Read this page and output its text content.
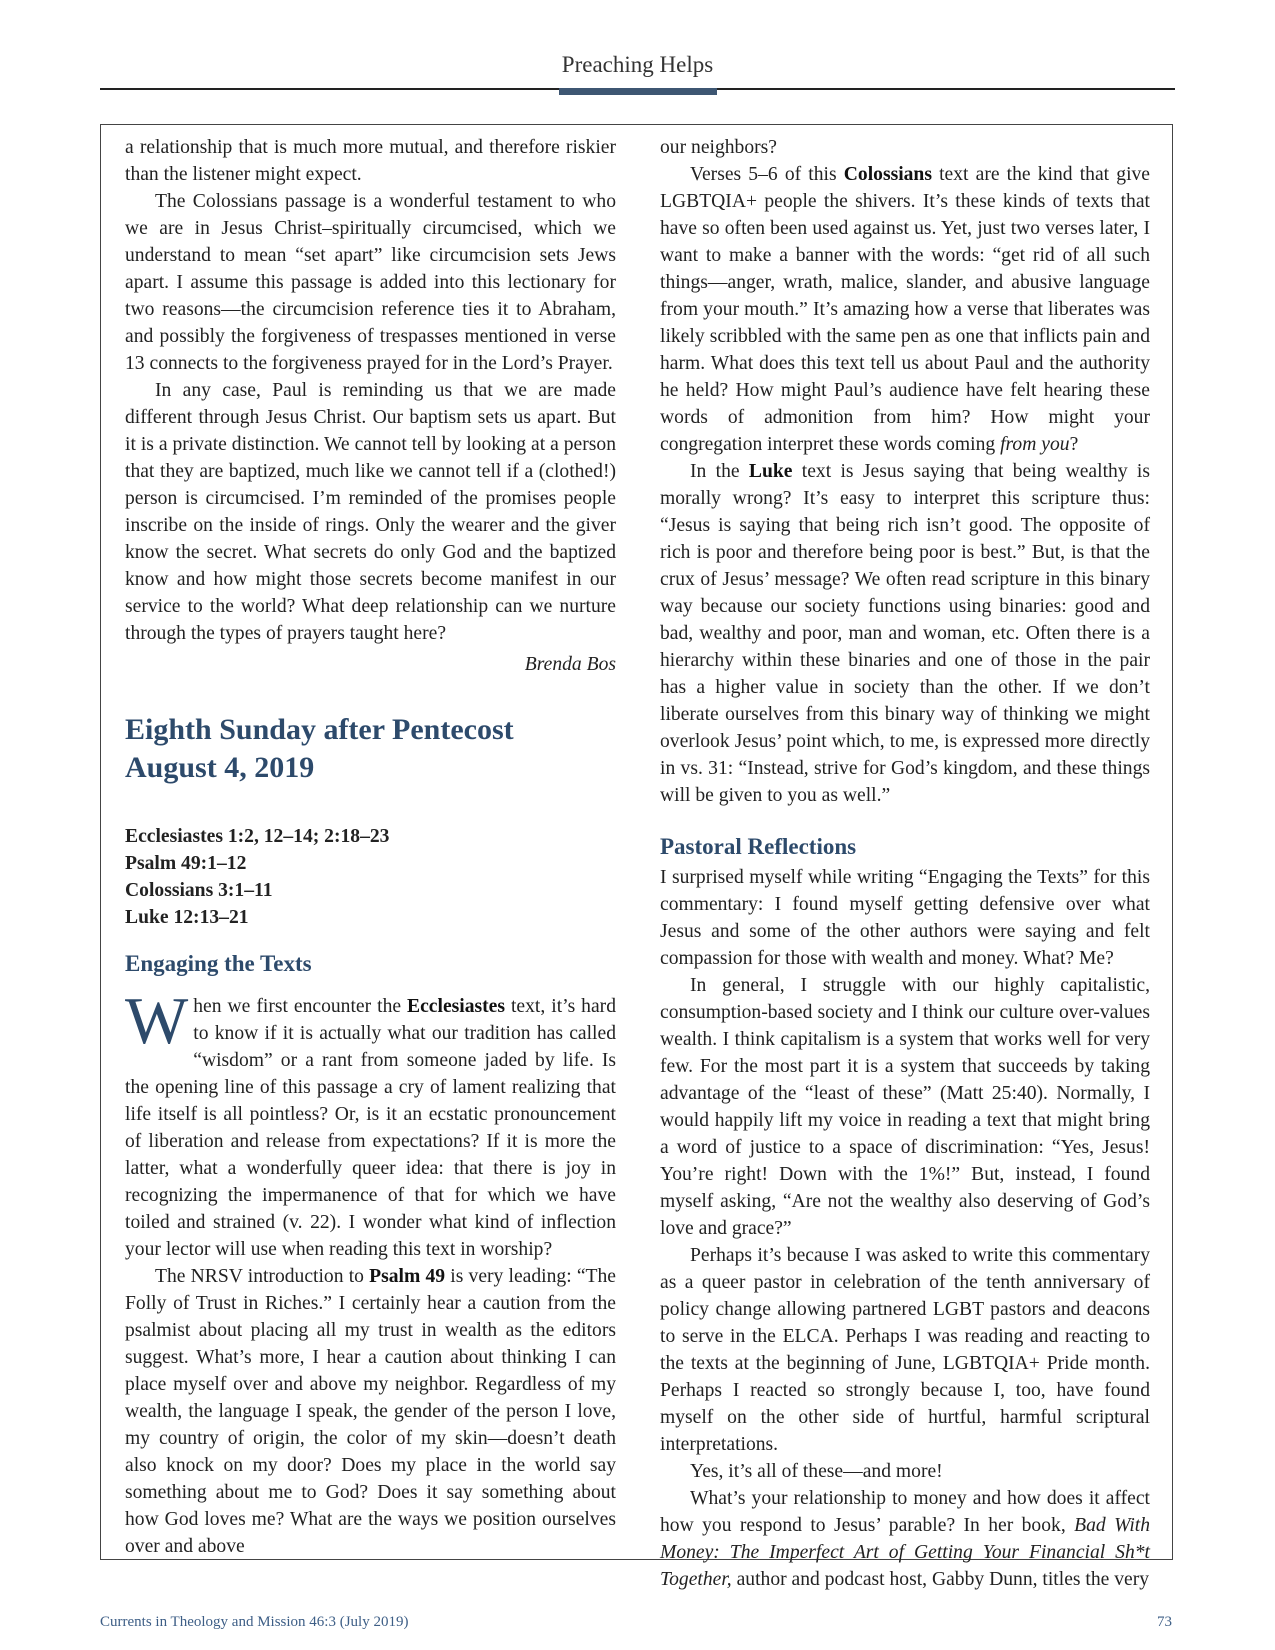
Preaching Helps

a relationship that is much more mutual, and therefore riskier than the listener might expect.

The Colossians passage is a wonderful testament to who we are in Jesus Christ–spiritually circumcised, which we understand to mean “set apart” like circumcision sets Jews apart. I assume this passage is added into this lectionary for two reasons—the circumcision reference ties it to Abraham, and possibly the forgiveness of trespasses mentioned in verse 13 connects to the forgiveness prayed for in the Lord’s Prayer.

In any case, Paul is reminding us that we are made different through Jesus Christ. Our baptism sets us apart. But it is a private distinction. We cannot tell by looking at a person that they are baptized, much like we cannot tell if a (clothed!) person is circumcised. I’m reminded of the promises people inscribe on the inside of rings. Only the wearer and the giver know the secret. What secrets do only God and the baptized know and how might those secrets become manifest in our service to the world? What deep relationship can we nurture through the types of prayers taught here?

Brenda Bos

Eighth Sunday after Pentecost
August 4, 2019
Ecclesiastes 1:2, 12–14; 2:18–23
Psalm 49:1–12
Colossians 3:1–11
Luke 12:13–21
Engaging the Texts

When we first encounter the Ecclesiastes text, it’s hard to know if it is actually what our tradition has called “wisdom” or a rant from someone jaded by life. Is the opening line of this passage a cry of lament realizing that life itself is all pointless? Or, is it an ecstatic pronouncement of liberation and release from expectations? If it is more the latter, what a wonderfully queer idea: that there is joy in recognizing the impermanence of that for which we have toiled and strained (v. 22). I wonder what kind of inflection your lector will use when reading this text in worship?

The NRSV introduction to Psalm 49 is very leading: “The Folly of Trust in Riches.” I certainly hear a caution from the psalmist about placing all my trust in wealth as the editors suggest. What’s more, I hear a caution about thinking I can place myself over and above my neighbor. Regardless of my wealth, the language I speak, the gender of the person I love, my country of origin, the color of my skin—doesn’t death also knock on my door? Does my place in the world say something about me to God? Does it say something about how God loves me? What are the ways we position ourselves over and above

our neighbors?

Verses 5–6 of this Colossians text are the kind that give LGBTQIA+ people the shivers. It’s these kinds of texts that have so often been used against us. Yet, just two verses later, I want to make a banner with the words: “get rid of all such things—anger, wrath, malice, slander, and abusive language from your mouth.” It’s amazing how a verse that liberates was likely scribbled with the same pen as one that inflicts pain and harm. What does this text tell us about Paul and the authority he held? How might Paul’s audience have felt hearing these words of admonition from him? How might your congregation interpret these words coming from you?

In the Luke text is Jesus saying that being wealthy is morally wrong? It’s easy to interpret this scripture thus: “Jesus is saying that being rich isn’t good. The opposite of rich is poor and therefore being poor is best.” But, is that the crux of Jesus’ message? We often read scripture in this binary way because our society functions using binaries: good and bad, wealthy and poor, man and woman, etc. Often there is a hierarchy within these binaries and one of those in the pair has a higher value in society than the other. If we don’t liberate ourselves from this binary way of thinking we might overlook Jesus’ point which, to me, is expressed more directly in vs. 31: “Instead, strive for God’s kingdom, and these things will be given to you as well.”

Pastoral Reflections

I surprised myself while writing “Engaging the Texts” for this commentary: I found myself getting defensive over what Jesus and some of the other authors were saying and felt compassion for those with wealth and money. What? Me?

In general, I struggle with our highly capitalistic, consumption-based society and I think our culture over-values wealth. I think capitalism is a system that works well for very few. For the most part it is a system that succeeds by taking advantage of the “least of these” (Matt 25:40). Normally, I would happily lift my voice in reading a text that might bring a word of justice to a space of discrimination: “Yes, Jesus! You’re right! Down with the 1%!” But, instead, I found myself asking, “Are not the wealthy also deserving of God’s love and grace?”

Perhaps it’s because I was asked to write this commentary as a queer pastor in celebration of the tenth anniversary of policy change allowing partnered LGBT pastors and deacons to serve in the ELCA. Perhaps I was reading and reacting to the texts at the beginning of June, LGBTQIA+ Pride month. Perhaps I reacted so strongly because I, too, have found myself on the other side of hurtful, harmful scriptural interpretations.

Yes, it’s all of these—and more!

What’s your relationship to money and how does it affect how you respond to Jesus’ parable? In her book, Bad With Money: The Imperfect Art of Getting Your Financial Sh*t Together, author and podcast host, Gabby Dunn, titles the very

Currents in Theology and Mission 46:3 (July 2019)	73
